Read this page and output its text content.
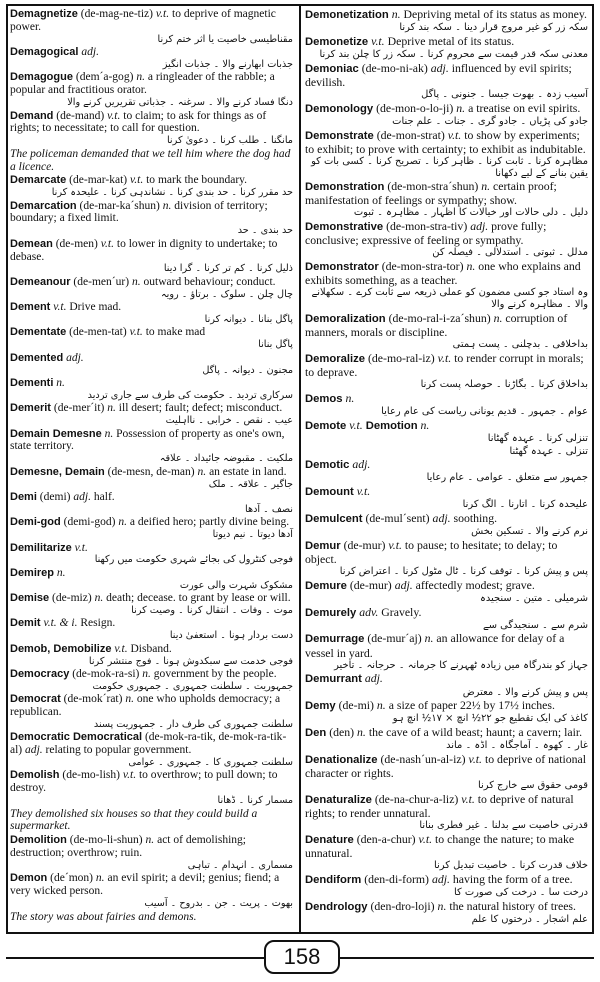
Demagnetize (de-mag-ne-tiz) v.t. to deprive of magnetic power.

مقناطیسی خاصیت یا اثر ختم کرنا

Demagogical adj.

جذبات ابھارنے والا ۔ جذبات انگیز

Demagogue (dem´a-gog) n. a ringleader of the rabble; a popular and fractitious orator.

دنگا فساد کرنے والا ۔ سرغنہ ۔ جذباتی تقریریں کرنے والا

Demand (de-mand) v.t. to claim; to ask for things as of rights; to necessitate; to call for question.

مانگنا ۔ طلب کرنا ۔ دعویٰ کرنا

The policeman demanded that we tell him where the dog had a licence.

Demarcate (de-mar-kat) v.t. to mark the boundary.

حد مقرر کرنا ۔ حد بندی کرنا ۔ نشاندہی کرنا ۔ علیحدہ کرنا

Demarcation (de-mar-ka´shun) n. division of territory; boundary; a fixed limit.

حد بندی ۔ حد

Demean (de-men) v.t. to lower in dignity to undertake; to debase.

ذلیل کرنا ۔ کم تر کرنا ۔ گرا دینا

Demeanour (de-men´ur) n. outward behaviour; conduct.

چال چلن ۔ سلوک ۔ برتاؤ ۔ رویہ

Dement v.t. Drive mad.

پاگل بنانا ۔ دیوانہ کرنا

Dementate (de-men-tat) v.t. to make mad

پاگل بنانا

Demented adj.

مجنون ۔ دیوانہ ۔ پاگل

Dementi n.

سرکاری تردید ۔ حکومت کی طرف سے جاری تردید

Demerit (de-mer´it) n. ill desert; fault; defect; misconduct.

عیب ۔ نقص ۔ خرابی ۔ نااہلیت

Demain Demesne n. Possession of property as one's own, state territory.

ملکیت ۔ مقبوضہ جائیداد ۔ علاقہ

Demesne, Demain (de-mesn, de-man) n. an estate in land.

جاگیر ۔ علاقہ ۔ ملک

Demi (demi) adj. half.

نصف ۔ آدھا

Demi-god (demi-god) n. a deified hero; partly divine being.

آدھا دیوتا ۔ نیم دیوتا

Demilitarize v.t.

فوجی کنٹرول کی بجائے شہری حکومت میں رکھنا

Demirep n.

مشکوک شہرت والی عورت

Demise (de-miz) n. death; decease. to grant by lease or will.

موت ۔ وفات ۔ انتقال کرنا ۔ وصیت کرنا

Demit v.t. & i. Resign.

دست بردار ہونا ۔ استعفیٰ دینا

Demob, Demobilize v.t. Disband.

فوجی خدمت سے سبکدوش ہونا ۔ فوج منتشر کرنا

Democracy (de-mok-ra-si) n. government by the people.

جمہوریت ۔ سلطنت جمہوری ۔ جمہوری حکومت

Democrat (de-mok´rat) n. one who upholds democracy; a republican.

سلطنت جمہوری کی طرف دار ۔ جمہوریت پسند

Democratic Democratical (de-mok-ra-tik, de-mok-ra-tik-al) adj. relating to popular government.

سلطنت جمہوری کا ۔ جمہوری ۔ عوامی

Demolish (de-mo-lish) v.t. to overthrow; to pull down; to destroy.

مسمار کرنا ۔ ڈھانا

They demolished six houses so that they could build a supermarket.

Demolition (de-mo-li-shun) n. act of demolishing; destruction; overthrow; ruin.

مسماری ۔ انہدام ۔ تباہی

Demon (de´mon) n. an evil spirit; a devil; genius; fiend; a very wicked person.

بھوت ۔ پریت ۔ جن ۔ بدروح ۔ آسیب

The story was about fairies and demons.

Demonetization n. Depriving metal of its status as money.

سکہ زر کو غیر مروج قرار دینا ۔ سکہ بند کرنا

Demonetize v.t. Deprive metal of its status.

معدنی سکہ قدر قیمت سے محروم کرنا ۔ سکہ زر کا چلن بند کرنا

Demoniac (de-mo-ni-ak) adj. influenced by evil spirits; devilish.

آسیب زدہ ۔ بھوت جیسا ۔ جنونی ۔ پاگل

Demonology (de-mon-o-lo-ji) n. a treatise on evil spirits.

جادو کی پڑیاں ۔ جادو گری ۔ جنات ۔ علم جنات

Demonstrate (de-mon-strat) v.t. to show by experiments; to exhibit; to prove with certainty; to exhibit as indubitable.

مظاہرہ کرنا ۔ ثابت کرنا ۔ ظاہر کرنا ۔ تصریح کرنا ۔ کسی بات کو یقین بنانے کے لیے دکھانا

Demonstration (de-mon-stra´shun) n. certain proof; manifestation of feelings or sympathy; show.

دلیل ۔ دلی حالات اور خیالات کا اظہار ۔ مظاہرہ ۔ ثبوت

Demonstrative (de-mon-stra-tiv) adj. prove fully; conclusive; expressive of feeling or sympathy.

مدلل ۔ ثبوتی ۔ استدلالی ۔ فیصلہ کن

Demonstrator (de-mon-stra-tor) n. one who explains and exhibits something, as a teacher.

وہ استاد جو کسی مضمون کو عملی ذریعہ سے ثابت کرے ۔ سکھلانے والا ۔ مظاہرہ کرنے والا

Demoralization (de-mo-ral-i-za´shun) n. corruption of manners, morals or discipline.

بداخلاقی ۔ بدچلنی ۔ پست ہمتی

Demoralize (de-mo-ral-iz) v.t. to render corrupt in morals; to deprave.

بداخلاق کرنا ۔ بگاڑنا ۔ حوصلہ پست کرنا

Demos n.

عوام ۔ جمہور ۔ قدیم یونانی ریاست کی عام رعایا

Demote v.t. Demotion n.

تنزلی کرنا ۔ عہدہ گھٹانا

تنزلی ۔ عہدہ گھٹنا

Demotic adj.

جمہور سے متعلق ۔ عوامی ۔ عام رعایا

Demount v.t.

علیحدہ کرنا ۔ اتارنا ۔ الگ کرنا

Demulcent (de-mul´sent) adj. soothing.

نرم کرنے والا ۔ تسکین بخش

Demur (de-mur) v.t. to pause; to hesitate; to delay; to object.

پس و پیش کرنا ۔ توقف کرنا ۔ ٹال مٹول کرنا ۔ اعتراض کرنا

Demure (de-mur) adj. affectedly modest; grave.

شرمیلی ۔ متین ۔ سنجیدہ

Demurely adv. Gravely.

شرم سے ۔ سنجیدگی سے

Demurrage (de-mur´aj) n. an allowance for delay of a vessel in yard.

جہاز کو بندرگاہ میں زیادہ ٹھہرنے کا جرمانہ ۔ حرجانہ ۔ تاخیر

Demurrant adj.

پس و پیش کرنے والا ۔ معترض

Demy (de-mi) n. a size of paper 22½ by 17½ inches.

کاغذ کی ایک تقطیع جو ۲۲½ انچ × ۱۷½ انچ ہو

Den (den) n. the cave of a wild beast; haunt; a cavern; lair.

غار ۔ کھوہ ۔ آماجگاہ ۔ اڈہ ۔ ماند

Denationalize (de-nash´un-al-iz) v.t. to deprive of national character or rights.

قومی حقوق سے خارج کرنا

Denaturalize (de-na-chur-a-liz) v.t. to deprive of natural rights; to render unnatural.

قدرتی خاصیت سے بدلنا ۔ غیر فطری بنانا

Denature (den-a-chur) v.t. to change the nature; to make unnatural.

خلاف قدرت کرنا ۔ خاصیت تبدیل کرنا

Dendiform (den-di-form) adj. having the form of a tree.

درخت سا ۔ درخت کی صورت کا

Dendrology (den-dro-loji) n. the natural history of trees.

علم اشجار ۔ درختوں کا علم

158
